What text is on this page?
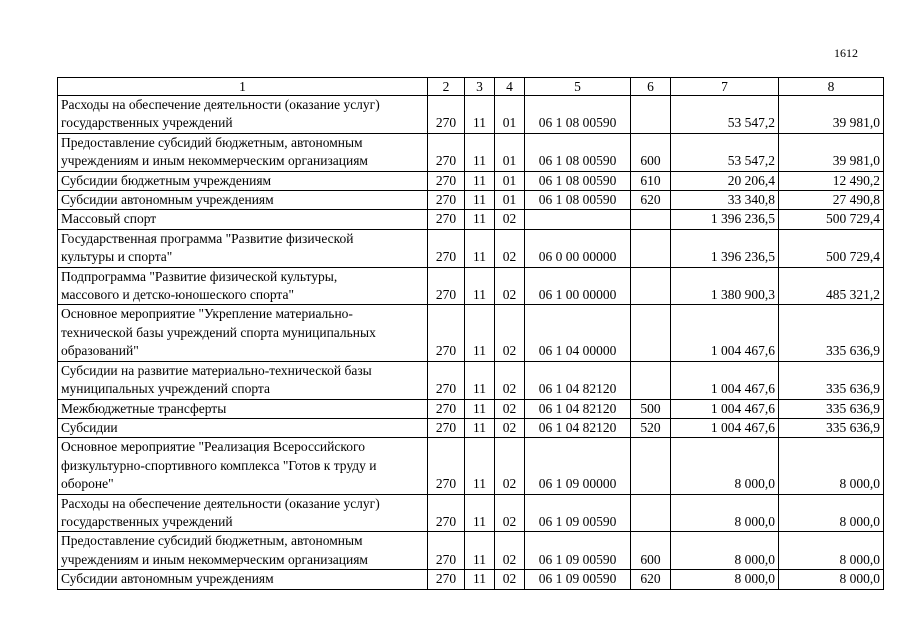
1612
1	2	3	4	5	6	7	8
Расходы на обеспечение деятельности (оказание услуг)
государственных учреждений	270	11	01	06 1 08 00590		53 547,2	39 981,0
Предоставление субсидий бюджетным, автономным
учреждениям и иным некоммерческим организациям	270	11	01	06 1 08 00590	600	53 547,2	39 981,0
Субсидии бюджетным учреждениям	270	11	01	06 1 08 00590	610	20 206,4	12 490,2
Субсидии автономным учреждениям	270	11	01	06 1 08 00590	620	33 340,8	27 490,8
Массовый спорт	270	11	02			1 396 236,5	500 729,4
Государственная программа "Развитие физической
культуры и спорта"	270	11	02	06 0 00 00000		1 396 236,5	500 729,4
Подпрограмма "Развитие физической культуры,
массового и детско-юношеского спорта"	270	11	02	06 1 00 00000		1 380 900,3	485 321,2
Основное мероприятие "Укрепление материально-
технической базы учреждений спорта муниципальных
образований"	270	11	02	06 1 04 00000		1 004 467,6	335 636,9
Субсидии на развитие материально-технической базы
муниципальных учреждений спорта	270	11	02	06 1 04 82120		1 004 467,6	335 636,9
Межбюджетные трансферты	270	11	02	06 1 04 82120	500	1 004 467,6	335 636,9
Субсидии	270	11	02	06 1 04 82120	520	1 004 467,6	335 636,9
Основное мероприятие "Реализация Всероссийского
физкультурно-спортивного комплекса "Готов к труду и
обороне"	270	11	02	06 1 09 00000		8 000,0	8 000,0
Расходы на обеспечение деятельности (оказание услуг)
государственных учреждений	270	11	02	06 1 09 00590		8 000,0	8 000,0
Предоставление субсидий бюджетным, автономным
учреждениям и иным некоммерческим организациям	270	11	02	06 1 09 00590	600	8 000,0	8 000,0
Субсидии автономным учреждениям	270	11	02	06 1 09 00590	620	8 000,0	8 000,0
